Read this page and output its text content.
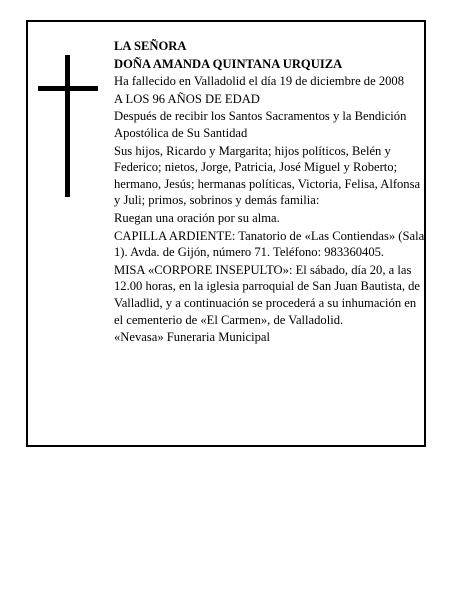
LA SEÑORA

DOÑA AMANDA QUINTANA URQUIZA

Ha fallecido en Valladolid el día 19 de diciembre de 2008

A LOS 96 AÑOS DE EDAD

Después de recibir los Santos Sacramentos y la Bendición Apostólica de Su Santidad

Sus hijos, Ricardo y Margarita; hijos políticos, Belén y Federico; nietos, Jorge, Patricia, José Miguel y Roberto; hermano, Jesús; hermanas políticas, Victoria, Felisa, Alfonsa y Juli; primos, sobrinos y demás familia:

Ruegan una oración por su alma.

CAPILLA ARDIENTE: Tanatorio de «Las Contiendas» (Sala 1). Avda. de Gijón, número 71. Teléfono: 983360405.

MISA «CORPORE INSEPULTO»: El sábado, día 20, a las 12.00 horas, en la iglesia parroquial de San Juan Bautista, de Valladlid, y a continuación se procederá a su inhumación en el cementerio de «El Carmen», de Valladolid.

«Nevasa» Funeraria Municipal
